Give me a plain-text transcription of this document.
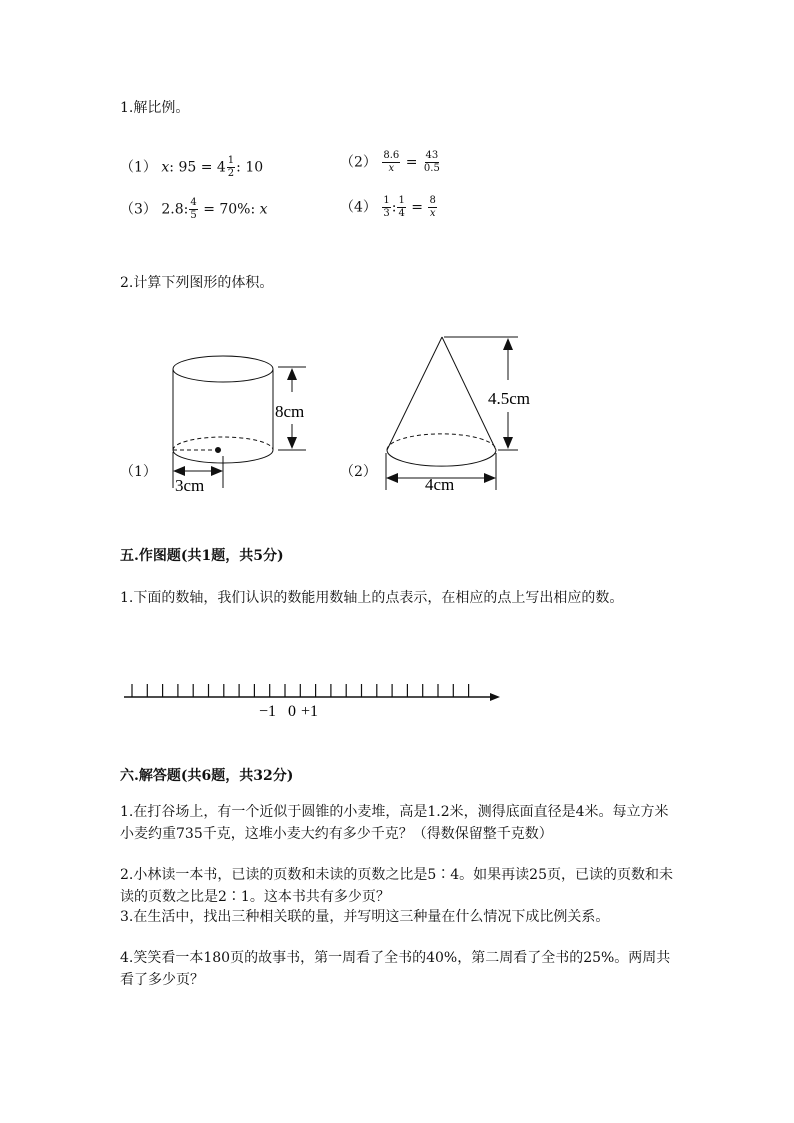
1.解比例。
（1） 𝑥: $95 = 4 \frac{1}{2}$ : 10	$(2) \frac{8.6}{\text{𝑥}} = \frac{43}{0.5}$
（3） 2.8: $\frac{4}{5} = 70\%$: 𝑥	$(4) \frac{1}{3}$ : $\frac{1}{4} = \frac{8}{\text{𝑥}}$
2.计算下列图形的体积。
8cm
3cm
4.5cm
4cm
（1）	（2）
五.作图题(共1题，共5分)
1.下面的数轴，我们认识的数能用数轴上的点表示，在相应的点上写出相应的数。
−1 0 +1
六.解答题(共6题，共32分)
1.在打谷场上，有一个近似于圆锥的小麦堆，高是1.2米，测得底面直径是4米。每立方米小麦约重735千克，这堆小麦大约有多少千克？（得数保留整千克数）
2.小林读一本书，已读的页数和未读的页数之比是5∶4。如果再读25页，已读的页数和未读的页数之比是2∶1。这本书共有多少页？
3.在生活中，找出三种相关联的量，并写明这三种量在什么情况下成比例关系。
4.笑笑看一本180页的故事书，第一周看了全书的40%，第二周看了全书的25%。两周共看了多少页？
